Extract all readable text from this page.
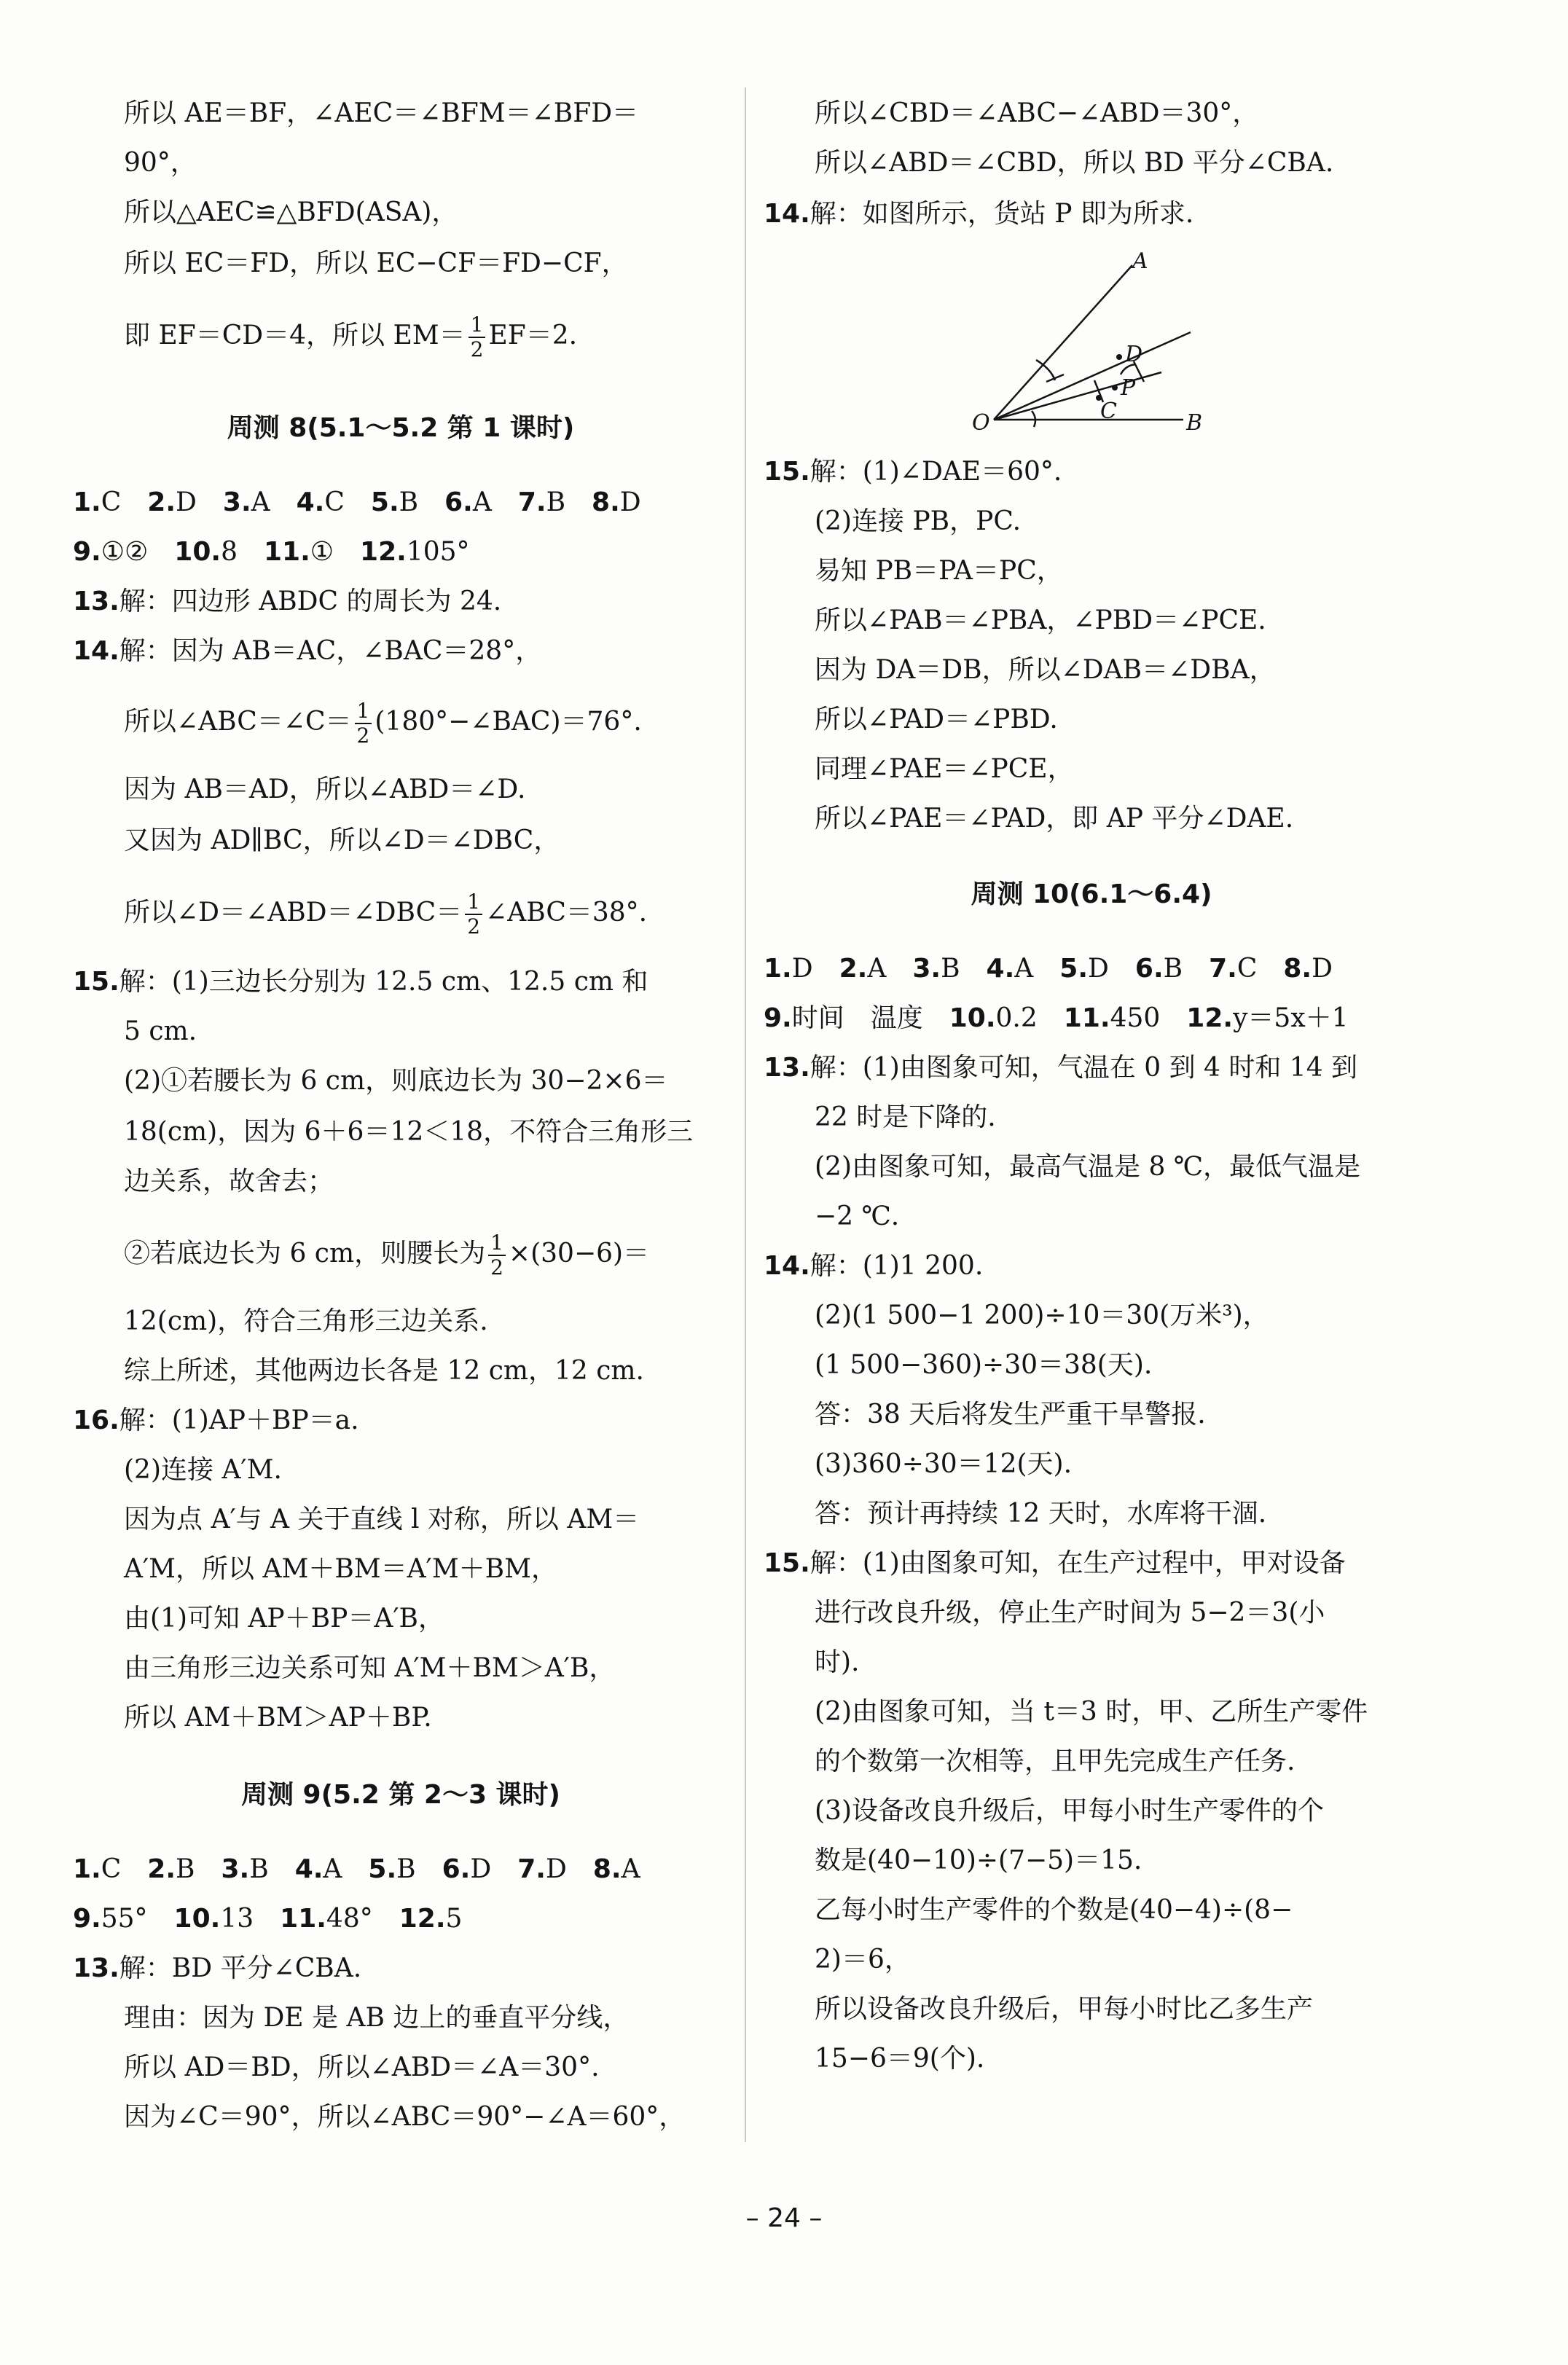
所以 AE＝BF，∠AEC＝∠BFM＝∠BFD＝
90°，
所以△AEC≌△BFD(ASA)，
所以 EC＝FD，所以 EC−CF＝FD−CF，
即 EF＝CD＝4，所以 $EM= \frac{1}{2} EF=2$.
周测 8(5.1～5.2 第 1 课时)
1.C  2.D  3.A  4.C  5.B  6.A  7.B  8.D
9.①②  10.8  11.①  12.105°
13.解：四边形 ABDC 的周长为 24.
14.解：因为 AB＝AC，∠BAC＝28°，
所以∠ABC＝∠C＝ $\frac{1}{2}$ (180°−∠BAC)＝76°.
因为 AB＝AD，所以∠ABD＝∠D.
又因为 AD∥BC，所以∠D＝∠DBC，
所以∠D＝∠ABD＝∠DBC＝ $\frac{1}{2}$ ∠ABC＝38°.
15.解：(1)三边长分别为 12.5 cm、12.5 cm 和
5 cm.
(2)①若腰长为 6 cm，则底边长为 30−2×6＝
18(cm)，因为 6＋6＝12＜18，不符合三角形三
边关系，故舍去；
②若底边长为 6 cm，则腰长为 $\frac{1}{2} \times(30-6)=$
12(cm)，符合三角形三边关系.
综上所述，其他两边长各是 12 cm，12 cm.
16.解：(1)AP＋BP＝a.
(2)连接 A′M.
因为点 A′与 A 关于直线 l 对称，所以 AM＝
A′M，所以 AM＋BM＝A′M＋BM，
由(1)可知 AP＋BP＝A′B，
由三角形三边关系可知 A′M＋BM＞A′B，
所以 AM＋BM＞AP＋BP.
周测 9(5.2 第 2～3 课时)
1.C  2.B  3.B  4.A  5.B  6.D  7.D  8.A
9.55°  10.13  11.48°  12.5
13.解：BD 平分∠CBA.
理由：因为 DE 是 AB 边上的垂直平分线，
所以 AD＝BD，所以∠ABD＝∠A＝30°.
因为∠C＝90°，所以∠ABC＝90°−∠A＝60°，
所以∠CBD＝∠ABC−∠ABD＝30°，
所以∠ABD＝∠CBD，所以 BD 平分∠CBA.
14.解：如图所示，货站 P 即为所求.
A
D
P
C
O	B
15.解：(1)∠DAE＝60°.
(2)连接 PB，PC.
易知 PB＝PA＝PC，
所以∠PAB＝∠PBA，∠PBD＝∠PCE.
因为 DA＝DB，所以∠DAB＝∠DBA，
所以∠PAD＝∠PBD.
同理∠PAE＝∠PCE，
所以∠PAE＝∠PAD，即 AP 平分∠DAE.
周测 10(6.1～6.4)
1.D  2.A  3.B  4.A  5.D  6.B  7.C  8.D
9.时间　温度  10.0.2  11.450  12.y＝5x＋1
13.解：(1)由图象可知，气温在 0 到 4 时和 14 到
22 时是下降的.
(2)由图象可知，最高气温是 8 ℃，最低气温是
−2 ℃.
14.解：(1)1 200.
(2)(1 500−1 200)÷10＝30(万米³)，
(1 500−360)÷30＝38(天).
答：38 天后将发生严重干旱警报.
(3)360÷30＝12(天).
答：预计再持续 12 天时，水库将干涸.
15.解：(1)由图象可知，在生产过程中，甲对设备
进行改良升级，停止生产时间为 5−2＝3(小
时).
(2)由图象可知，当 t＝3 时，甲、乙所生产零件
的个数第一次相等，且甲先完成生产任务.
(3)设备改良升级后，甲每小时生产零件的个
数是(40−10)÷(7−5)＝15.
乙每小时生产零件的个数是(40−4)÷(8−
2)＝6，
所以设备改良升级后，甲每小时比乙多生产
15−6＝9(个).
– 24 –
